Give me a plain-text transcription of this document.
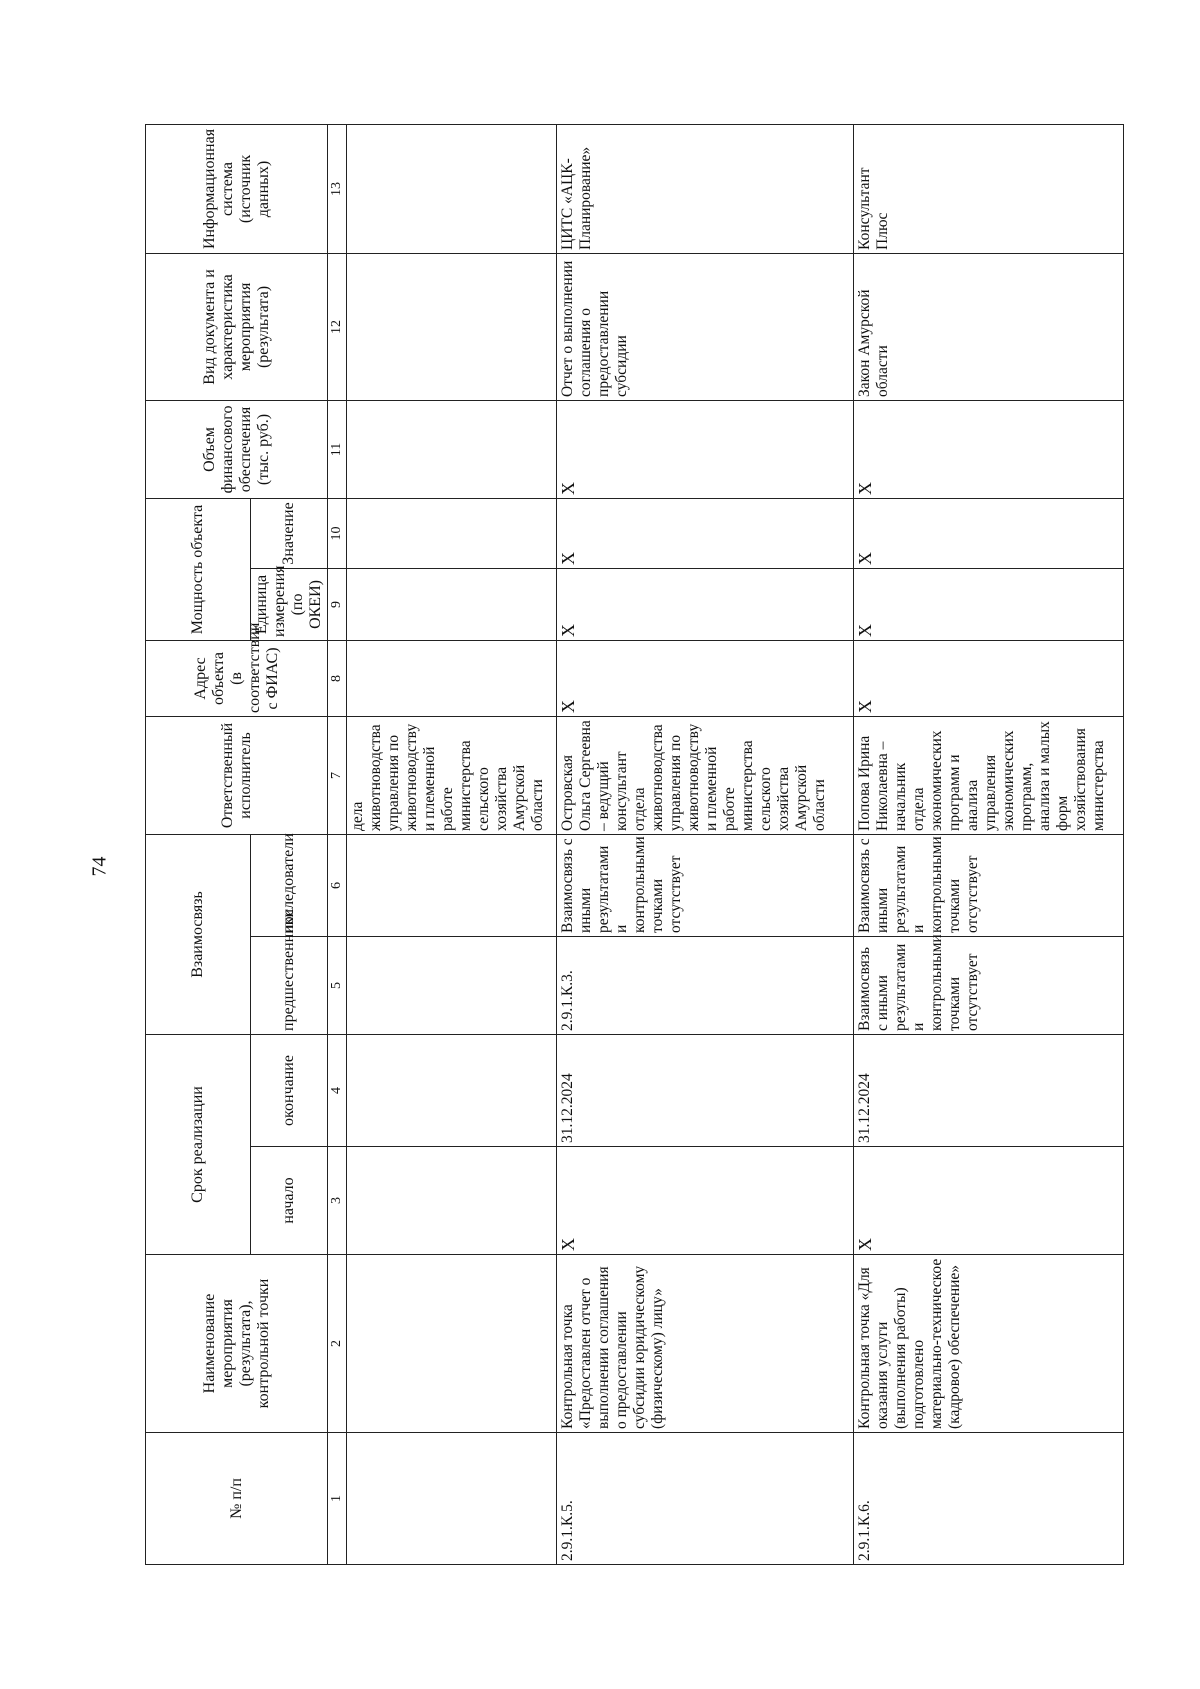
74
№ п/п	Наименование мероприятия (результата), контрольной точки	Срок реализации		Взаимосвязь		Ответственный исполнитель	Адрес объекта (в соответствии с ФИАС)	Мощность объекта		Объем финансового обеспечения (тыс. руб.)	Вид документа и характеристика мероприятия (результата)	Информационная система (источник данных)
		начало	окончание	предшественники	последователи			Единица измерения (по ОКЕИ)	Значение			
1	2	3	4	5	6	7	8	9	10	11	12	13
						дела животноводства управления по животноводству и племенной работе министерства сельского хозяйства Амурской области						
2.9.1.К.5.	Контрольная точка «Предоставлен отчет о выполнении соглашения о предоставлении субсидии юридическому (физическому) лицу»	X	31.12.2024	2.9.1.К.3.	Взаимосвязь с иными результатами и контрольными точками отсутствует	Островская Ольга Сергеевна – ведущий консультант отдела животноводства управления по животноводству и племенной работе министерства сельского хозяйства Амурской области	X	X	X	X	Отчет о выполнении соглашения о предоставлении субсидии	ЦИТС «АЦК-Планирование»
2.9.1.К.6.	Контрольная точка «Для оказания услуги (выполнения работы) подготовлено материально-техническое (кадровое) обеспечение»	X	31.12.2024	Взаимосвязь с иными результатами и контрольными точками отсутствует	Взаимосвязь с иными результатами и контрольными точками отсутствует	Попова Ирина Николаевна – начальник отдела экономических программ и анализа управления экономических программ, анализа и малых форм хозяйствования министерства	X	X	X	X	Закон Амурской области	Консультант Плюс
